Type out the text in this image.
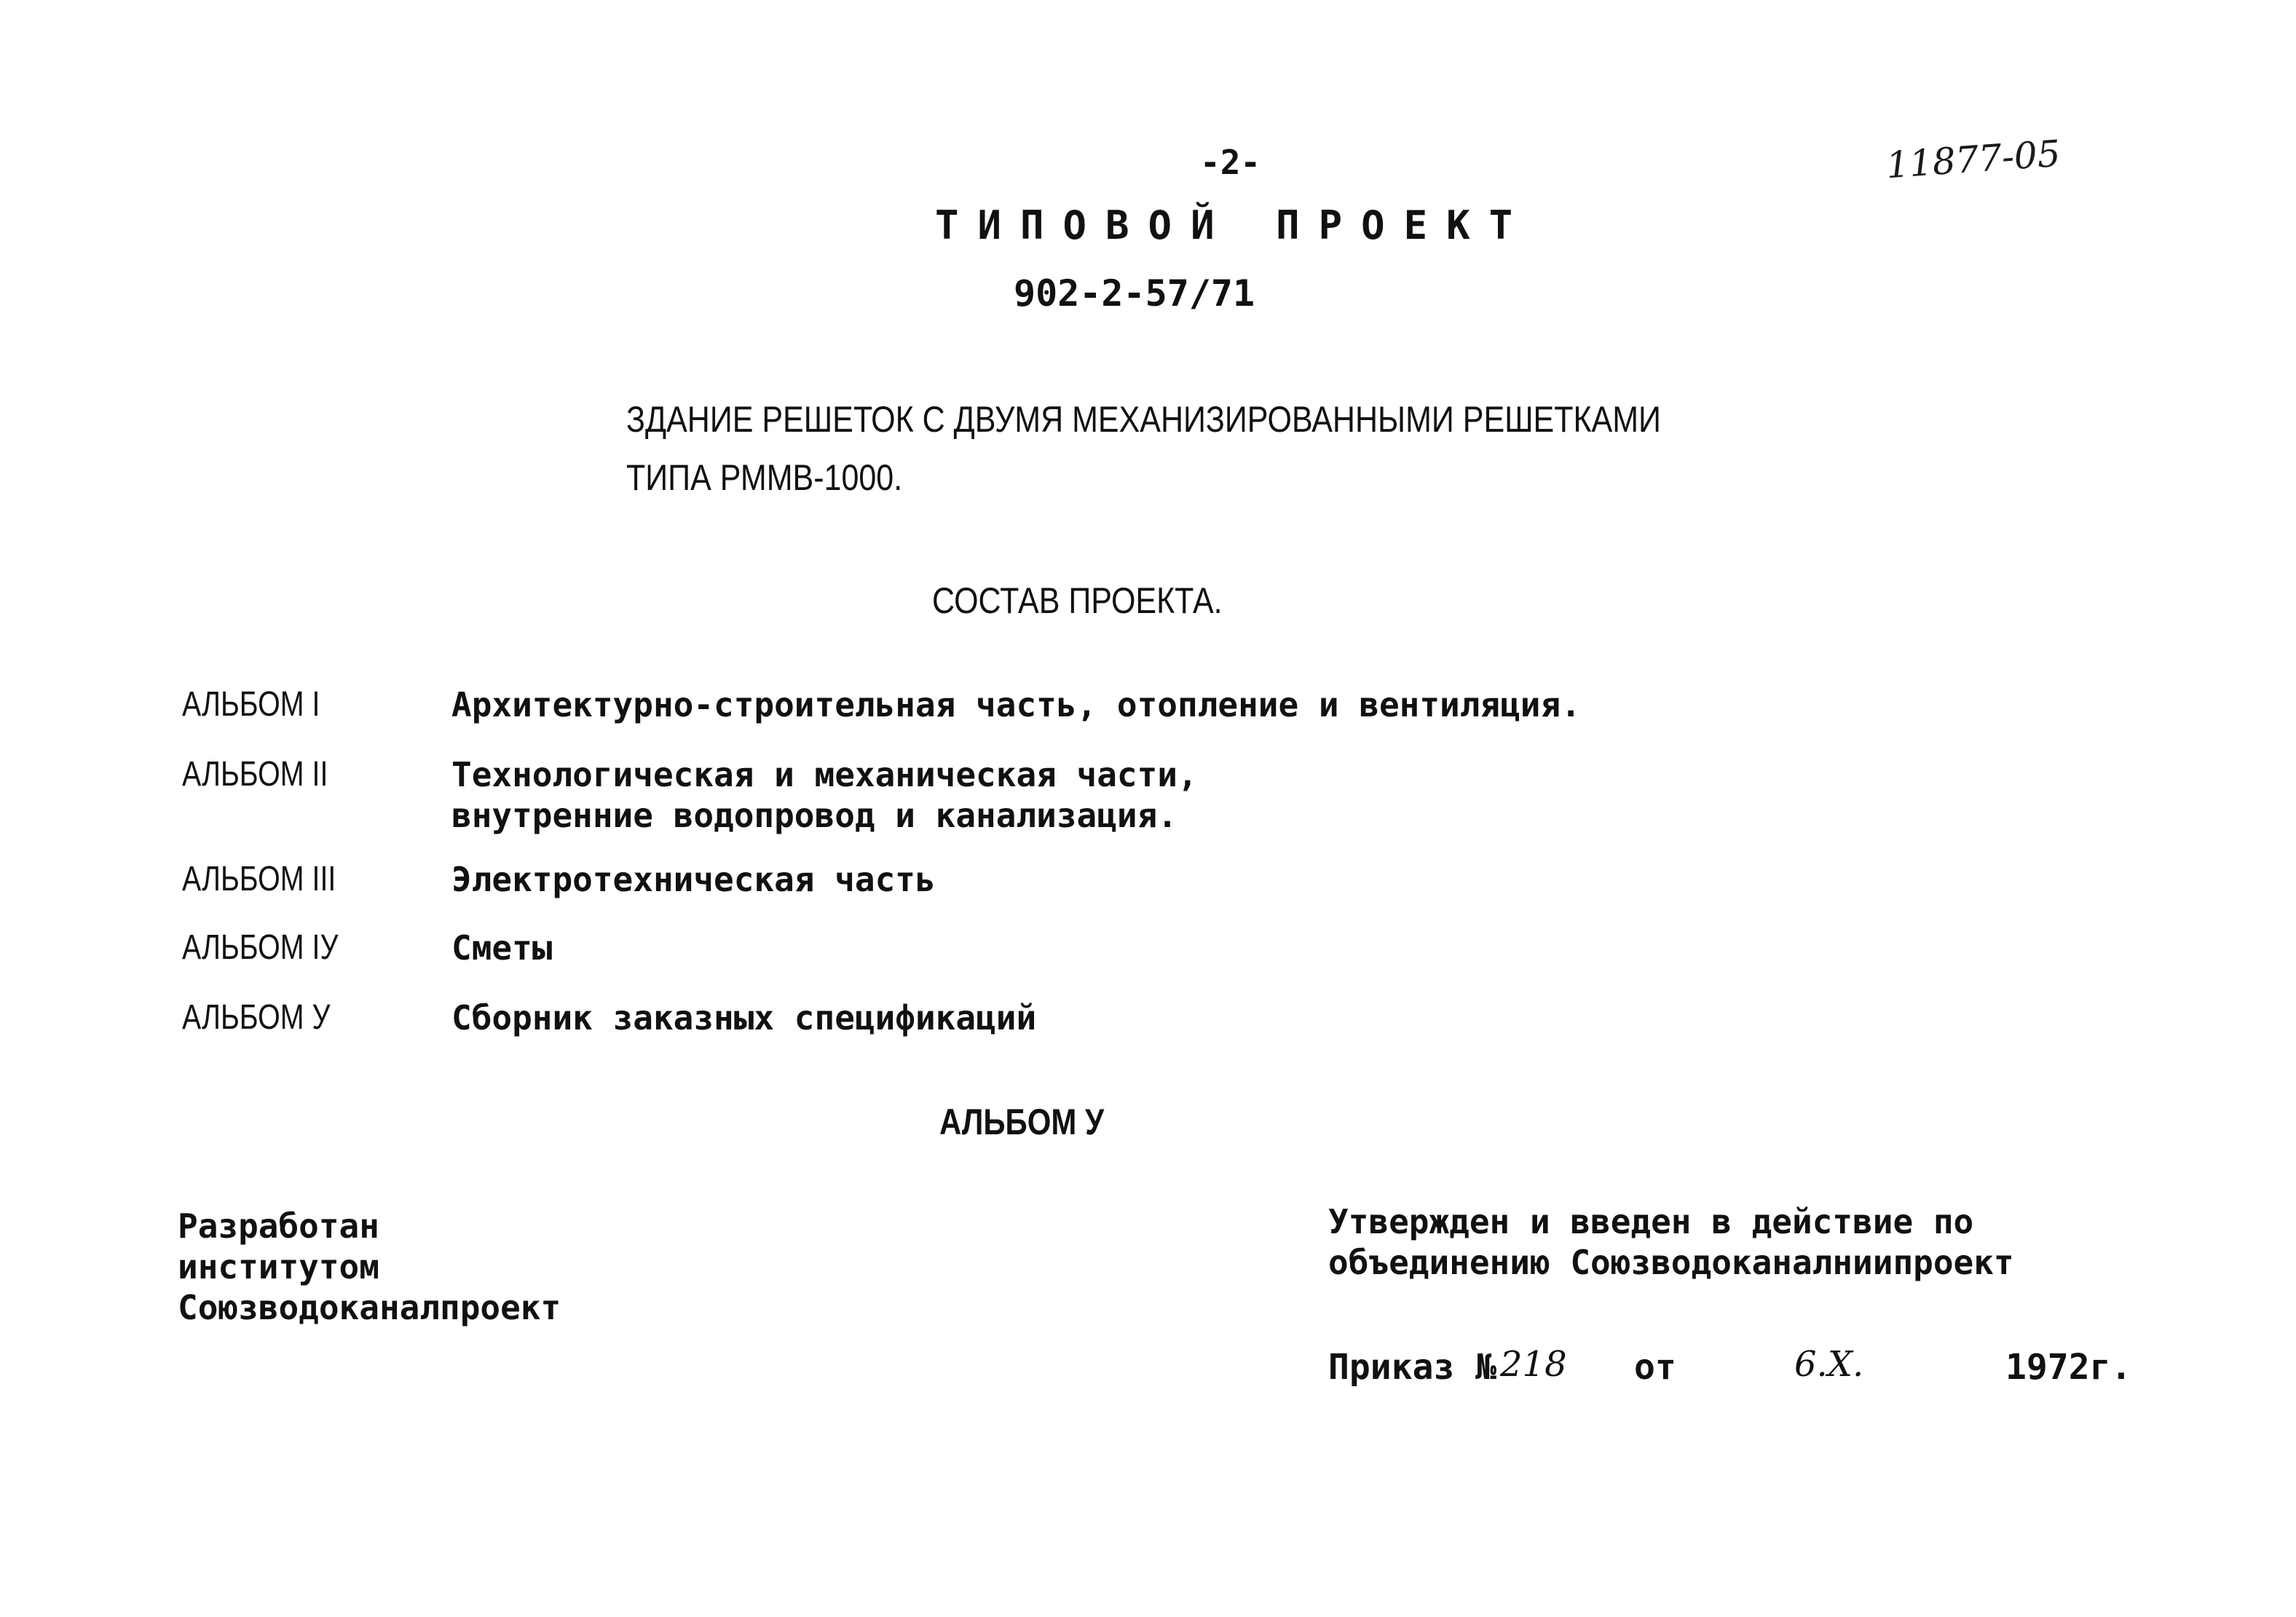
-2-	11877-05
ТИПОВОЙ ПРОЕКТ
902-2-57/71
ЗДАНИЕ РЕШЕТОК С ДВУМЯ МЕХАНИЗИРОВАННЫМИ РЕШЕТКАМИ
ТИПА РММВ-1000.
СОСТАВ ПРОЕКТА.
АЛЬБОМ I	Архитектурно-строительная часть, отопление и вентиляция.
АЛЬБОМ II	Технологическая и механическая части,
внутренние водопровод и канализация.
АЛЬБОМ III	Электротехническая часть
АЛЬБОМ IУ	Сметы
АЛЬБОМ У	Сборник заказных спецификаций
АЛЬБОМ У
Разработан
институтом
Союзводоканалпроект
Утвержден и введен в действие по
объединению Союзводоканалниипроект
Приказ № 218 от	6.X.	1972г.
